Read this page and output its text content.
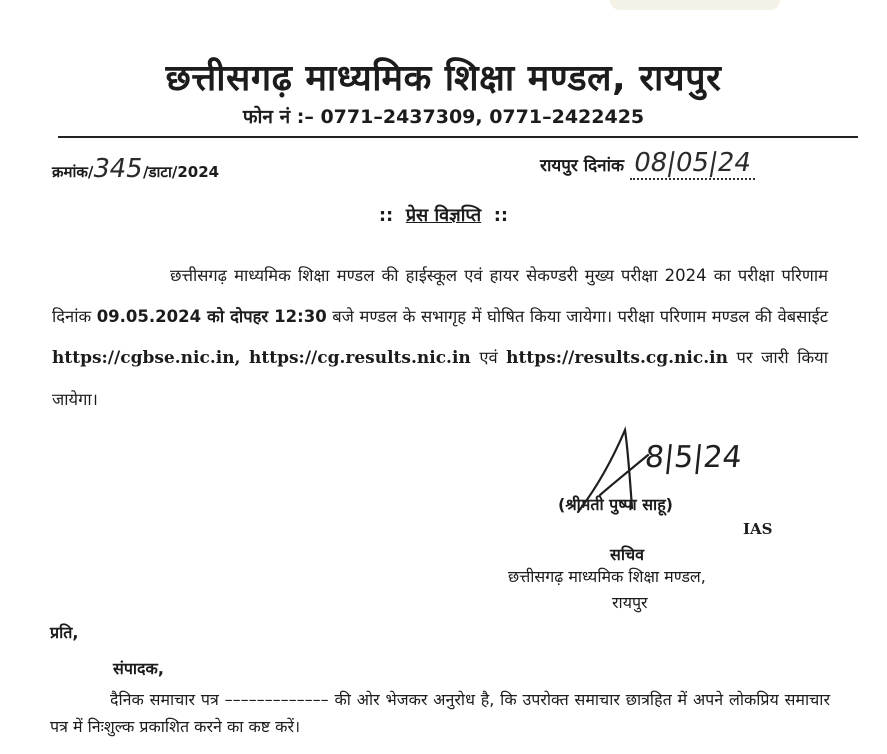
छत्तीसगढ़ माध्यमिक शिक्षा मण्डल, रायपुर
फोन नं :– 0771–2437309, 0771–2422425
क्रमांक/345/डाटा/2024	रायपुर दिनांक 08|05|24
:: प्रेस विज्ञप्ति ::
छत्तीसगढ़ माध्यमिक शिक्षा मण्डल की हाईस्कूल एवं हायर सेकण्डरी मुख्य परीक्षा 2024 का परीक्षा परिणाम दिनांक 09.05.2024 को दोपहर 12:30 बजे मण्डल के सभागृह में घोषित किया जायेगा। परीक्षा परिणाम मण्डल की वेबसाईट https://cgbse.nic.in, https://cg.results.nic.in एवं https://results.cg.nic.in पर जारी किया जायेगा।
8|5|24
(श्रीमती पुष्पा साहू)
IAS
सचिव
छत्तीसगढ़ माध्यमिक शिक्षा मण्डल,
रायपुर
प्रति,
संपादक,
दैनिक समाचार पत्र ––––––––––––– की ओर भेजकर अनुरोध है, कि उपरोक्त समाचार छात्रहित में अपने लोकप्रिय समाचार पत्र में निःशुल्क प्रकाशित करने का कष्ट करें।
